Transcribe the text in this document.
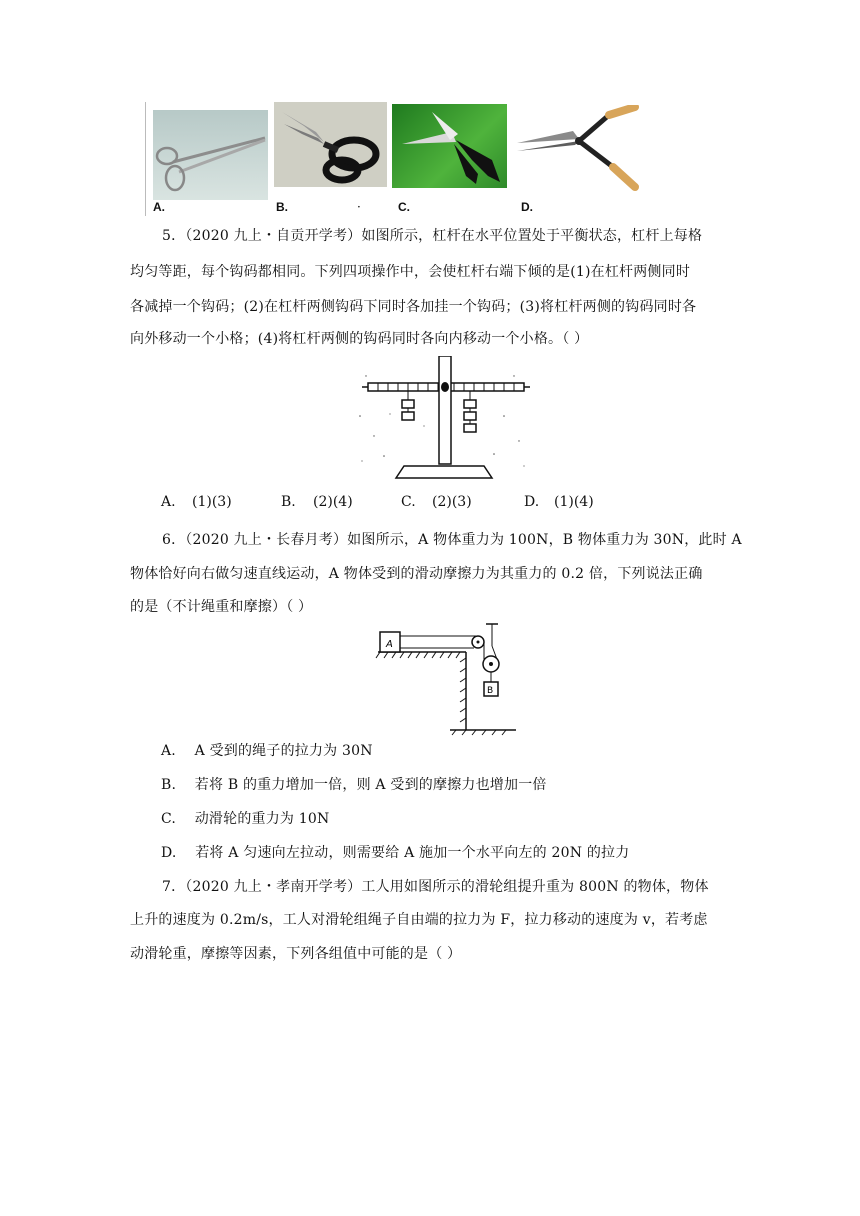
A.	B.	·	C.	D.
5．（2020 九上・自贡开学考）如图所示，杠杆在水平位置处于平衡状态，杠杆上每格
均匀等距，每个钩码都相同。下列四项操作中，会使杠杆右端下倾的是(1)在杠杆两侧同时
各减掉一个钩码；(2)在杠杆两侧钩码下同时各加挂一个钩码；(3)将杠杆两侧的钩码同时各
向外移动一个小格；(4)将杠杆两侧的钩码同时各向内移动一个小格。（ ）
A. (1)(3)	B. (2)(4)	C. (2)(3)	D. (1)(4)
6．（2020 九上・长春月考）如图所示，A 物体重力为 100N，B 物体重力为 30N，此时 A
物体恰好向右做匀速直线运动，A 物体受到的滑动摩擦力为其重力的 0.2 倍，下列说法正确
的是（不计绳重和摩擦）（ ）
A
B
A. A 受到的绳子的拉力为 30N
B. 若将 B 的重力增加一倍，则 A 受到的摩擦力也增加一倍
C. 动滑轮的重力为 10N
D. 若将 A 匀速向左拉动，则需要给 A 施加一个水平向左的 20N 的拉力
7．（2020 九上・孝南开学考）工人用如图所示的滑轮组提升重为 800N 的物体，物体
上升的速度为 0.2m/s，工人对滑轮组绳子自由端的拉力为 F，拉力移动的速度为 v，若考虑
动滑轮重，摩擦等因素，下列各组值中可能的是（ ）
